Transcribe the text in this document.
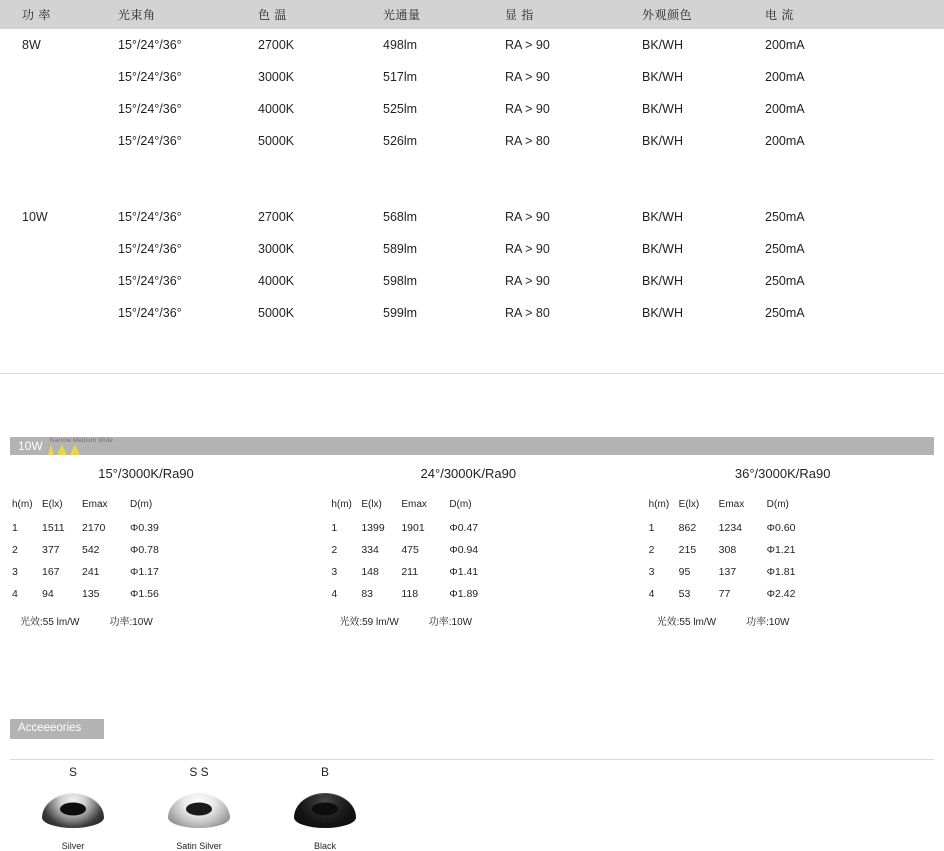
功 率	光束角	色 温	光通量	显 指	外观颜色	电 流
8W	15°/24°/36°	2700K	498lm	RA > 90	BK/WH	200mA
	15°/24°/36°	3000K	517lm	RA > 90	BK/WH	200mA
	15°/24°/36°	4000K	525lm	RA > 90	BK/WH	200mA
	15°/24°/36°	5000K	526lm	RA > 80	BK/WH	200mA

10W	15°/24°/36°	2700K	568lm	RA > 90	BK/WH	250mA
	15°/24°/36°	3000K	589lm	RA > 90	BK/WH	250mA
	15°/24°/36°	4000K	598lm	RA > 90	BK/WH	250mA
	15°/24°/36°	5000K	599lm	RA > 80	BK/WH	250mA

10W Narrow Medium Wide
15°/3000K/Ra90
h(m)	E(lx)	Emax	D(m)
1	1511	2170	Φ0.39
2	377	542	Φ0.78
3	167	241	Φ1.17
4	94	135	Φ1.56
光效:55 lm/W	功率:10W
24°/3000K/Ra90
h(m)	E(lx)	Emax	D(m)
1	1399	1901	Φ0.47
2	334	475	Φ0.94
3	148	211	Φ1.41
4	83	118	Φ1.89
光效:59 lm/W	功率:10W
36°/3000K/Ra90
h(m)	E(lx)	Emax	D(m)
1	862	1234	Φ0.60
2	215	308	Φ1.21
3	95	137	Φ1.81
4	53	77	Φ2.42
光效:55 lm/W	功率:10W
Acceeeories
S
Silver
S S
Satin Silver
B
Black
